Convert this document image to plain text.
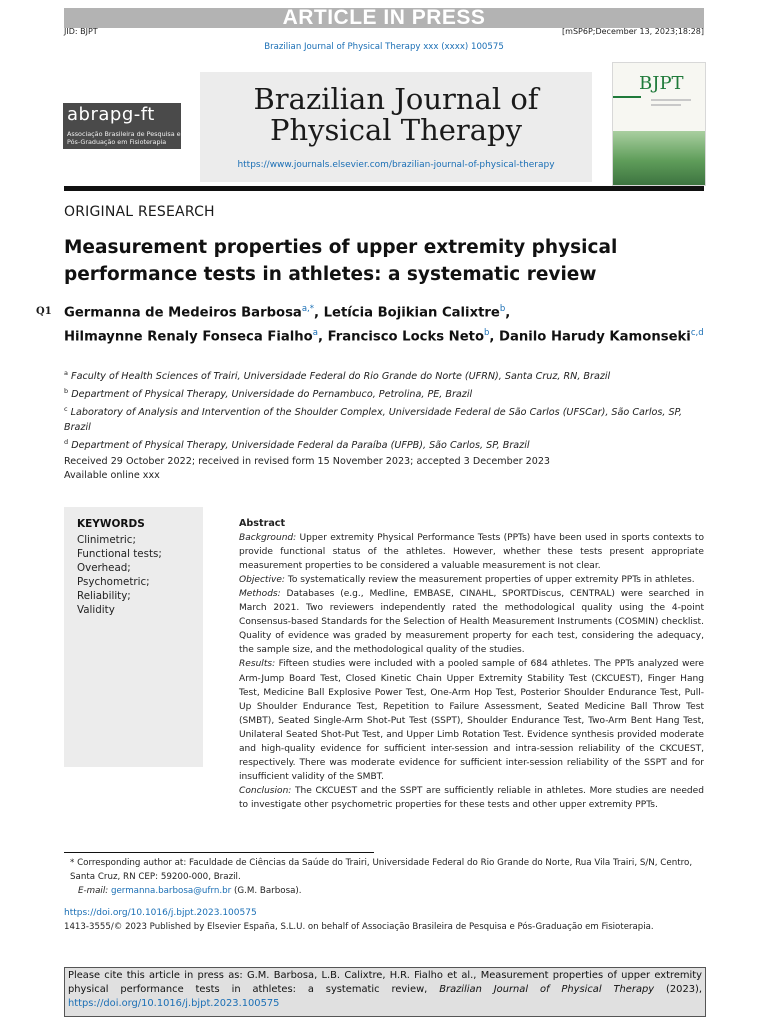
ARTICLE IN PRESS
JID: BJPT	[mSP6P;December 13, 2023;18:28]
Brazilian Journal of Physical Therapy xxx (xxxx) 100575
Brazilian Journal of
Physical Therapy
https://www.journals.elsevier.com/brazilian-journal-of-physical-therapy
abrapg-ft
Associação Brasileira de Pesquisa e Pós-Graduação em Fisioterapia
BJPT
ORIGINAL RESEARCH
Measurement properties of upper extremity physical performance tests in athletes: a systematic review
Q1 Germanna de Medeiros Barbosa$^{a,*}$, Letícia Bojikian Calixtre$^b$,
Hilmaynne Renaly Fonseca Fialho$^a$, Francisco Locks Neto$^b$, Danilo Harudy Kamonseki$^{c,d}$
$^a$ Faculty of Health Sciences of Trairi, Universidade Federal do Rio Grande do Norte (UFRN), Santa Cruz, RN, Brazil
$^b$ Department of Physical Therapy, Universidade do Pernambuco, Petrolina, PE, Brazil
$^c$ Laboratory of Analysis and Intervention of the Shoulder Complex, Universidade Federal de São Carlos (UFSCar), São Carlos, SP, Brazil
$^d$ Department of Physical Therapy, Universidade Federal da Paraíba (UFPB), São Carlos, SP, Brazil
Received 29 October 2022; received in revised form 15 November 2023; accepted 3 December 2023
Available online xxx
KEYWORDS
Clinimetric;
Functional tests;
Overhead;
Psychometric;
Reliability;
Validity
Abstract
Background: Upper extremity Physical Performance Tests (PPTs) have been used in sports contexts to provide functional status of the athletes. However, whether these tests present appropriate measurement properties to be considered a valuable measurement is not clear.
Objective: To systematically review the measurement properties of upper extremity PPTs in athletes.
Methods: Databases (e.g., Medline, EMBASE, CINAHL, SPORTDiscus, CENTRAL) were searched in March 2021. Two reviewers independently rated the methodological quality using the 4-point Consensus-based Standards for the Selection of Health Measurement Instruments (COSMIN) checklist. Quality of evidence was graded by measurement property for each test, considering the adequacy, the sample size, and the methodological quality of the studies.
Results: Fifteen studies were included with a pooled sample of 684 athletes. The PPTs analyzed were Arm-Jump Board Test, Closed Kinetic Chain Upper Extremity Stability Test (CKCUEST), Finger Hang Test, Medicine Ball Explosive Power Test, One-Arm Hop Test, Posterior Shoulder Endurance Test, Pull-Up Shoulder Endurance Test, Repetition to Failure Assessment, Seated Medicine Ball Throw Test (SMBT), Seated Single-Arm Shot-Put Test (SSPT), Shoulder Endurance Test, Two-Arm Bent Hang Test, Unilateral Seated Shot-Put Test, and Upper Limb Rotation Test. Evidence synthesis provided moderate and high-quality evidence for sufficient inter-session and intra-session reliability of the CKCUEST, respectively. There was moderate evidence for sufficient inter-session reliability of the SSPT and for insufficient validity of the SMBT.
Conclusion: The CKCUEST and the SSPT are sufficiently reliable in athletes. More studies are needed to investigate other psychometric properties for these tests and other upper extremity PPTs.
* Corresponding author at: Faculdade de Ciências da Saúde do Trairi, Universidade Federal do Rio Grande do Norte, Rua Vila Trairi, S/N, Centro, Santa Cruz, RN CEP: 59200-000, Brazil.
E-mail: germanna.barbosa@ufrn.br (G.M. Barbosa).
https://doi.org/10.1016/j.bjpt.2023.100575
1413-3555/© 2023 Published by Elsevier España, S.L.U. on behalf of Associação Brasileira de Pesquisa e Pós-Graduação em Fisioterapia.
Please cite this article in press as: G.M. Barbosa, L.B. Calixtre, H.R. Fialho et al., Measurement properties of upper extremity physical performance tests in athletes: a systematic review, Brazilian Journal of Physical Therapy (2023), https://doi.org/10.1016/j.bjpt.2023.100575
